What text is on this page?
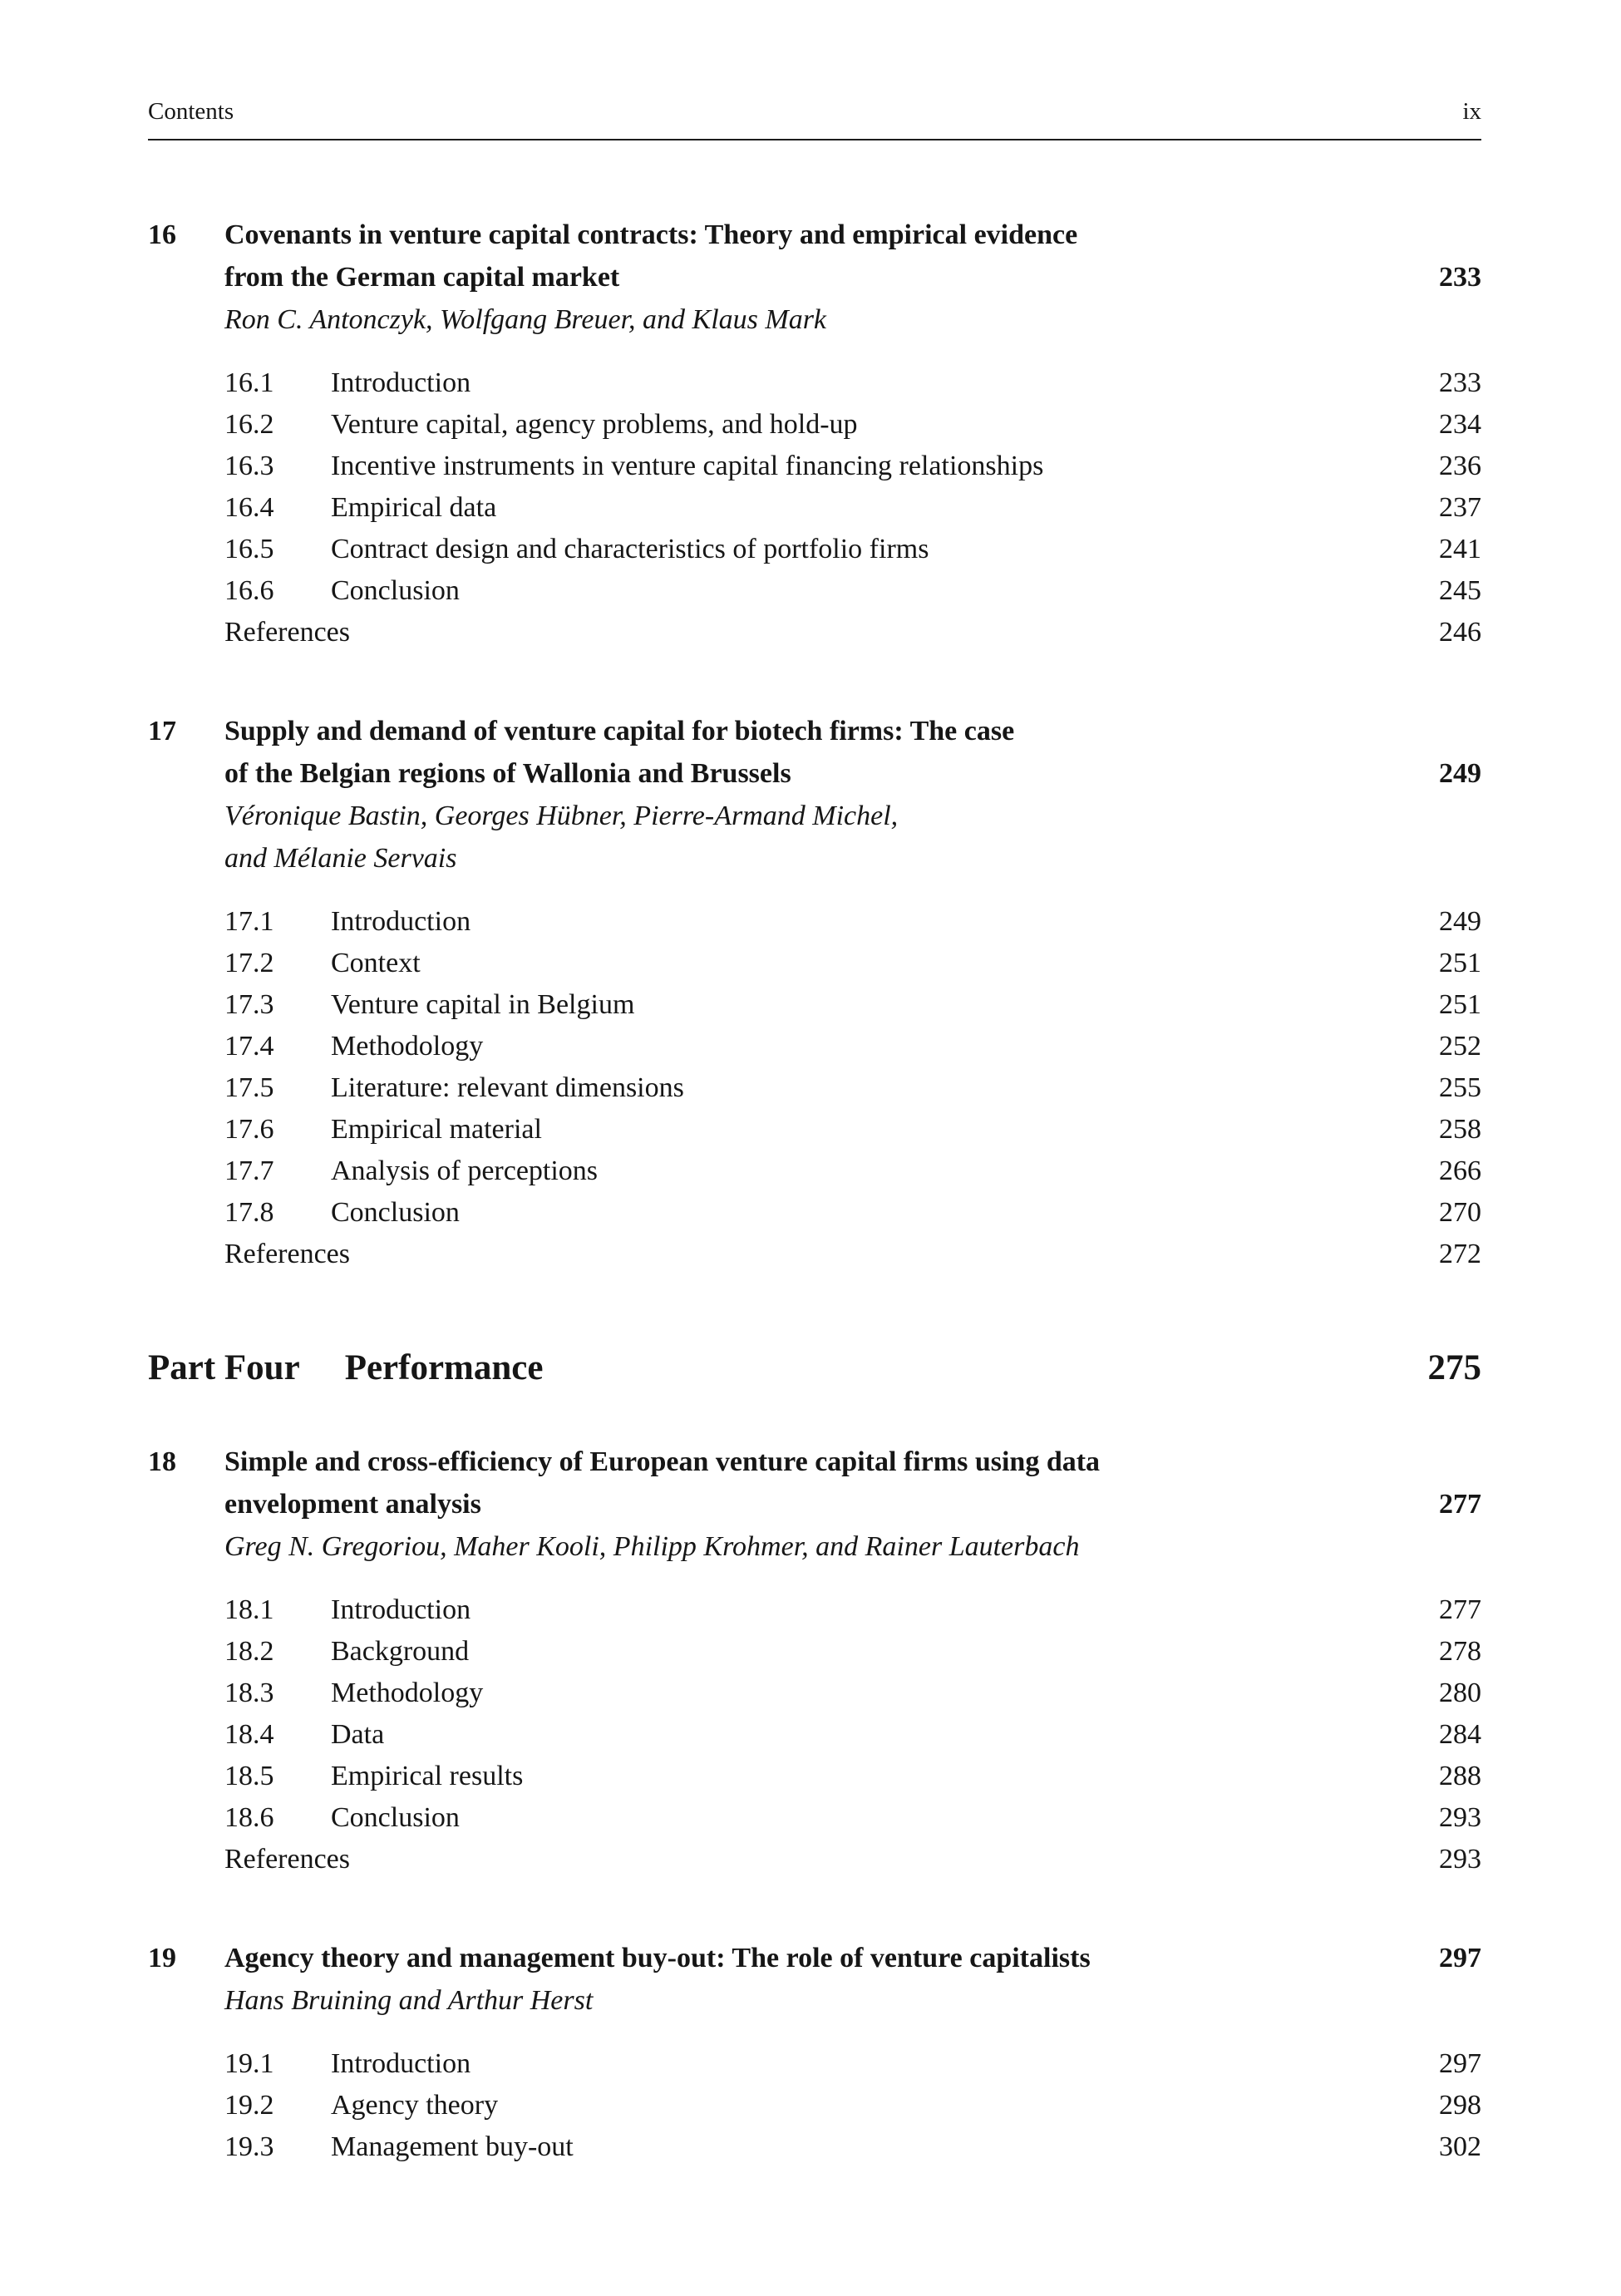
Contents	ix
16	Covenants in venture capital contracts: Theory and empirical evidence
from the German capital market	233
Ron C. Antonczyk, Wolfgang Breuer, and Klaus Mark
16.1	Introduction	233
16.2	Venture capital, agency problems, and hold-up	234
16.3	Incentive instruments in venture capital financing relationships	236
16.4	Empirical data	237
16.5	Contract design and characteristics of portfolio firms	241
16.6	Conclusion	245
References	246
17	Supply and demand of venture capital for biotech firms: The case
of the Belgian regions of Wallonia and Brussels	249
Véronique Bastin, Georges Hübner, Pierre-Armand Michel,
and Mélanie Servais
17.1	Introduction	249
17.2	Context	251
17.3	Venture capital in Belgium	251
17.4	Methodology	252
17.5	Literature: relevant dimensions	255
17.6	Empirical material	258
17.7	Analysis of perceptions	266
17.8	Conclusion	270
References	272
Part Four Performance	275
18	Simple and cross-efficiency of European venture capital firms using data
envelopment analysis	277
Greg N. Gregoriou, Maher Kooli, Philipp Krohmer, and Rainer Lauterbach
18.1	Introduction	277
18.2	Background	278
18.3	Methodology	280
18.4	Data	284
18.5	Empirical results	288
18.6	Conclusion	293
References	293
19	Agency theory and management buy-out: The role of venture capitalists	297
Hans Bruining and Arthur Herst
19.1	Introduction	297
19.2	Agency theory	298
19.3	Management buy-out	302
